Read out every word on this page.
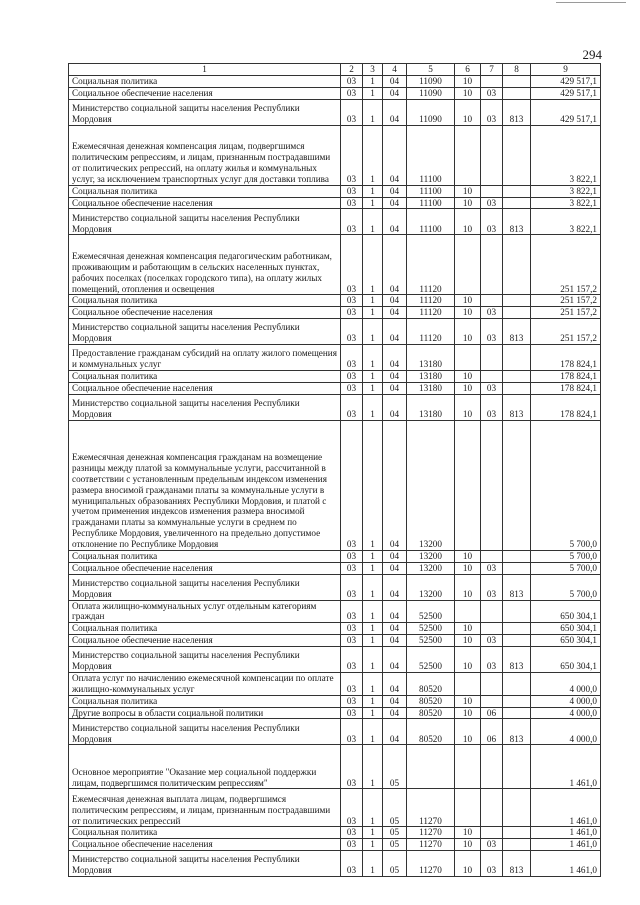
294
1	2	3	4	5	6	7	8	9
Социальная политика	03	1	04	11090	10			429 517,1
Социальное обеспечение населения	03	1	04	11090	10	03		429 517,1
Министерство социальной защиты населения Республики Мордовия	03	1	04	11090	10	03	813	429 517,1
Ежемесячная денежная компенсация лицам, подвергшимся политическим репрессиям, и лицам, признанным пострадавшими от политических репрессий, на оплату жилья и коммунальных услуг, за исключением транспортных услуг для доставки топлива	03	1	04	11100				3 822,1
Социальная политика	03	1	04	11100	10			3 822,1
Социальное обеспечение населения	03	1	04	11100	10	03		3 822,1
Министерство социальной защиты населения Республики Мордовия	03	1	04	11100	10	03	813	3 822,1
Ежемесячная денежная компенсация педагогическим работникам, проживающим и работающим в сельских населенных пунктах, рабочих поселках (поселках городского типа), на оплату жилых помещений, отопления и освещения	03	1	04	11120				251 157,2
Социальная политика	03	1	04	11120	10			251 157,2
Социальное обеспечение населения	03	1	04	11120	10	03		251 157,2
Министерство социальной защиты населения Республики Мордовия	03	1	04	11120	10	03	813	251 157,2
Предоставление гражданам субсидий на оплату жилого помещения и коммунальных услуг	03	1	04	13180				178 824,1
Социальная политика	03	1	04	13180	10			178 824,1
Социальное обеспечение населения	03	1	04	13180	10	03		178 824,1
Министерство социальной защиты населения Республики Мордовия	03	1	04	13180	10	03	813	178 824,1
Ежемесячная денежная компенсация гражданам на возмещение разницы между платой за коммунальные услуги, рассчитанной в соответствии с установленным предельным индексом изменения размера вносимой гражданами платы за коммунальные услуги в муниципальных образованиях Республики Мордовия, и платой с учетом применения индексов изменения размера вносимой гражданами платы за коммунальные услуги в среднем по Республике Мордовия, увеличенного на предельно допустимое отклонение по Республике Мордовия	03	1	04	13200				5 700,0
Социальная политика	03	1	04	13200	10			5 700,0
Социальное обеспечение населения	03	1	04	13200	10	03		5 700,0
Министерство социальной защиты населения Республики Мордовия	03	1	04	13200	10	03	813	5 700,0
Оплата жилищно-коммунальных услуг отдельным категориям граждан	03	1	04	52500				650 304,1
Социальная политика	03	1	04	52500	10			650 304,1
Социальное обеспечение населения	03	1	04	52500	10	03		650 304,1
Министерство социальной защиты населения Республики Мордовия	03	1	04	52500	10	03	813	650 304,1
Оплата услуг по начислению ежемесячной компенсации по оплате жилищно-коммунальных услуг	03	1	04	80520				4 000,0
Социальная политика	03	1	04	80520	10			4 000,0
Другие вопросы в области социальной политики	03	1	04	80520	10	06		4 000,0
Министерство социальной защиты населения Республики Мордовия	03	1	04	80520	10	06	813	4 000,0
Основное мероприятие "Оказание мер социальной поддержки лицам, подвергшимся политическим репрессиям"	03	1	05					1 461,0
Ежемесячная денежная выплата лицам, подвергшимся политическим репрессиям, и лицам, признанным пострадавшими от политических репрессий	03	1	05	11270				1 461,0
Социальная политика	03	1	05	11270	10			1 461,0
Социальное обеспечение населения	03	1	05	11270	10	03		1 461,0
Министерство социальной защиты населения Республики Мордовия	03	1	05	11270	10	03	813	1 461,0
